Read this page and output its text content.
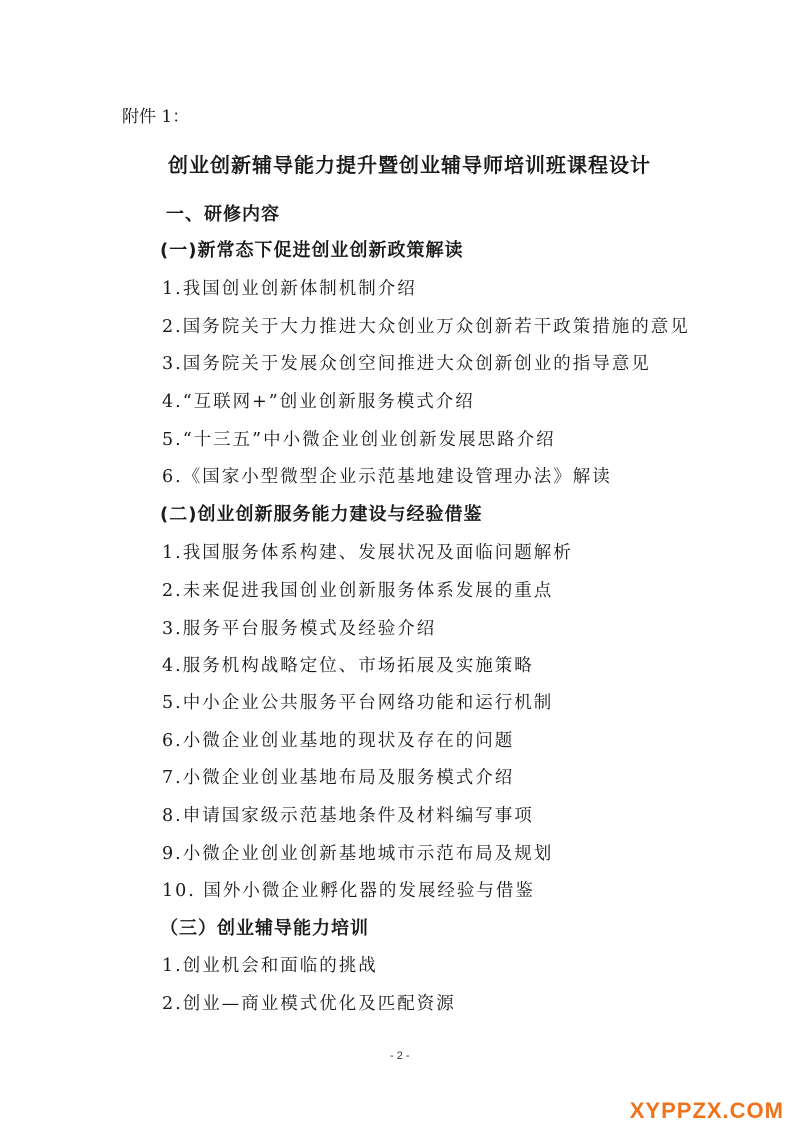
附件 1：
创业创新辅导能力提升暨创业辅导师培训班课程设计
一、研修内容
(一)新常态下促进创业创新政策解读
1.我国创业创新体制机制介绍
2.国务院关于大力推进大众创业万众创新若干政策措施的意见
3.国务院关于发展众创空间推进大众创新创业的指导意见
4.“互联网+”创业创新服务模式介绍
5.“十三五”中小微企业创业创新发展思路介绍
6.《国家小型微型企业示范基地建设管理办法》解读
(二)创业创新服务能力建设与经验借鉴
1.我国服务体系构建、发展状况及面临问题解析
2.未来促进我国创业创新服务体系发展的重点
3.服务平台服务模式及经验介绍
4.服务机构战略定位、市场拓展及实施策略
5.中小企业公共服务平台网络功能和运行机制
6.小微企业创业基地的现状及存在的问题
7.小微企业创业基地布局及服务模式介绍
8.申请国家级示范基地条件及材料编写事项
9.小微企业创业创新基地城市示范布局及规划
10. 国外小微企业孵化器的发展经验与借鉴
（三）创业辅导能力培训
1.创业机会和面临的挑战
2.创业—商业模式优化及匹配资源
- 2 -
XYPPZX.COM
